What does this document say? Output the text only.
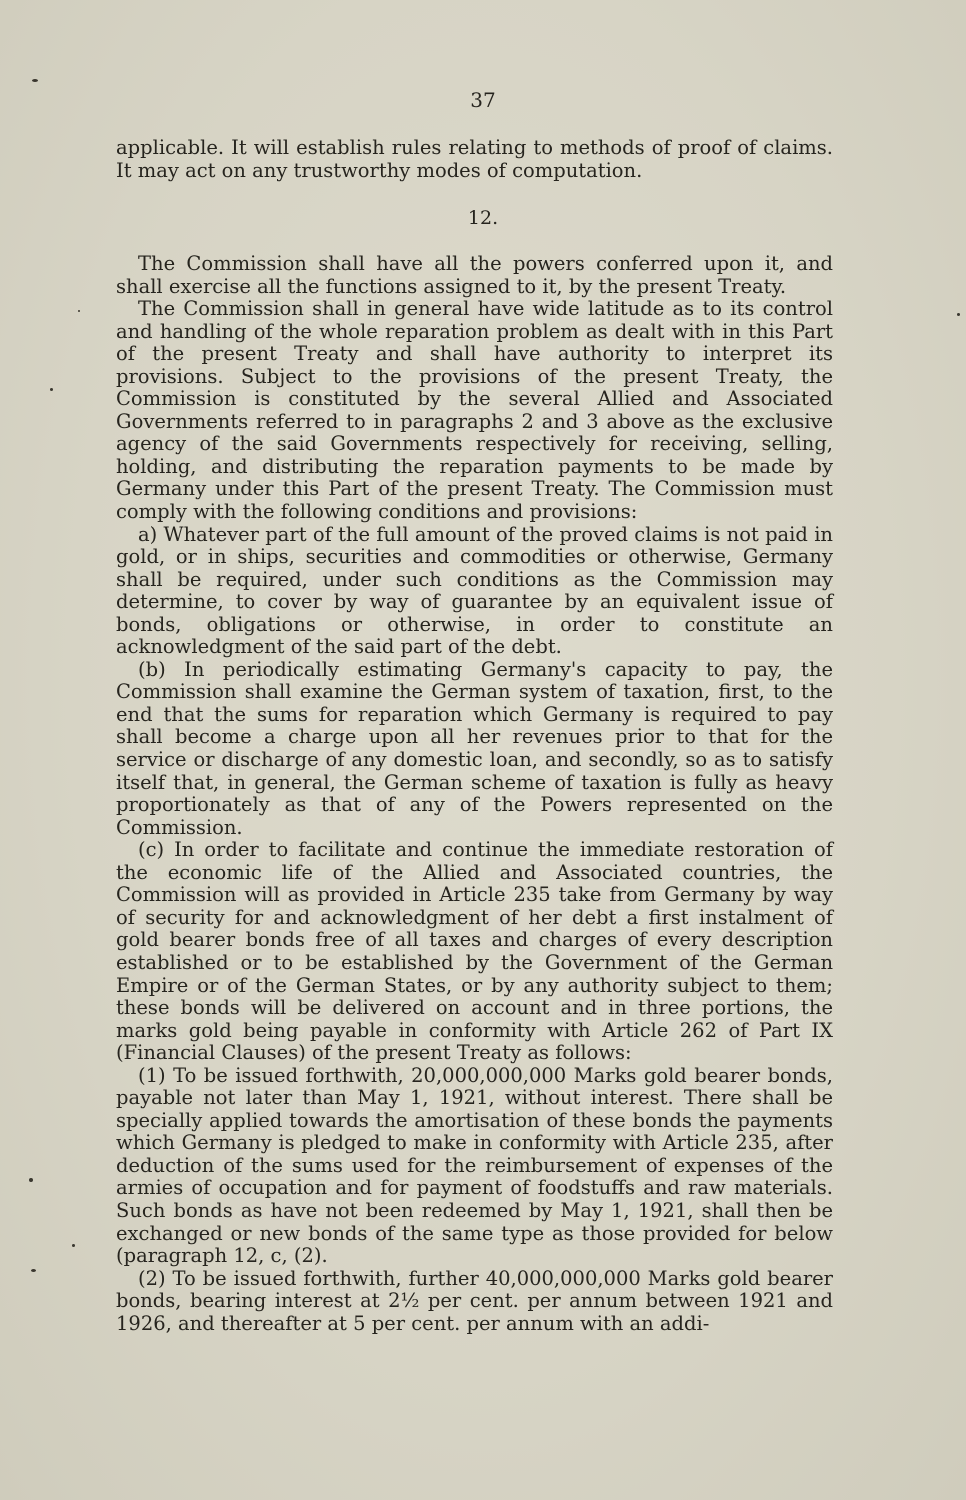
37

applicable. It will establish rules relating to methods of proof of claims. It may act on any trustworthy modes of computation.

12.

The Commission shall have all the powers conferred upon it, and shall exercise all the functions assigned to it, by the present Treaty.

The Commission shall in general have wide latitude as to its control and handling of the whole reparation problem as dealt with in this Part of the present Treaty and shall have authority to interpret its provisions. Subject to the provisions of the present Treaty, the Commission is constituted by the several Allied and Associated Governments referred to in paragraphs 2 and 3 above as the exclusive agency of the said Governments respectively for receiving, selling, holding, and distributing the reparation payments to be made by Germany under this Part of the present Treaty. The Commission must comply with the following conditions and provisions:

a) Whatever part of the full amount of the proved claims is not paid in gold, or in ships, securities and commodities or otherwise, Germany shall be required, under such conditions as the Commission may determine, to cover by way of guarantee by an equivalent issue of bonds, obligations or otherwise, in order to constitute an acknowledgment of the said part of the debt.

(b) In periodically estimating Germany's capacity to pay, the Commission shall examine the German system of taxation, first, to the end that the sums for reparation which Germany is required to pay shall become a charge upon all her revenues prior to that for the service or discharge of any domestic loan, and secondly, so as to satisfy itself that, in general, the German scheme of taxation is fully as heavy proportionately as that of any of the Powers represented on the Commission.

(c) In order to facilitate and continue the immediate restoration of the economic life of the Allied and Associated countries, the Commission will as provided in Article 235 take from Germany by way of security for and acknowledgment of her debt a first instalment of gold bearer bonds free of all taxes and charges of every description established or to be established by the Government of the German Empire or of the German States, or by any authority subject to them; these bonds will be delivered on account and in three portions, the marks gold being payable in conformity with Article 262 of Part IX (Financial Clauses) of the present Treaty as follows:

(1) To be issued forthwith, 20,000,000,000 Marks gold bearer bonds, payable not later than May 1, 1921, without interest. There shall be specially applied towards the amortisation of these bonds the payments which Germany is pledged to make in conformity with Article 235, after deduction of the sums used for the reimbursement of expenses of the armies of occupation and for payment of foodstuffs and raw materials. Such bonds as have not been redeemed by May 1, 1921, shall then be exchanged or new bonds of the same type as those provided for below (paragraph 12, c, (2).

(2) To be issued forthwith, further 40,000,000,000 Marks gold bearer bonds, bearing interest at 2½ per cent. per annum between 1921 and 1926, and thereafter at 5 per cent. per annum with an addi-
